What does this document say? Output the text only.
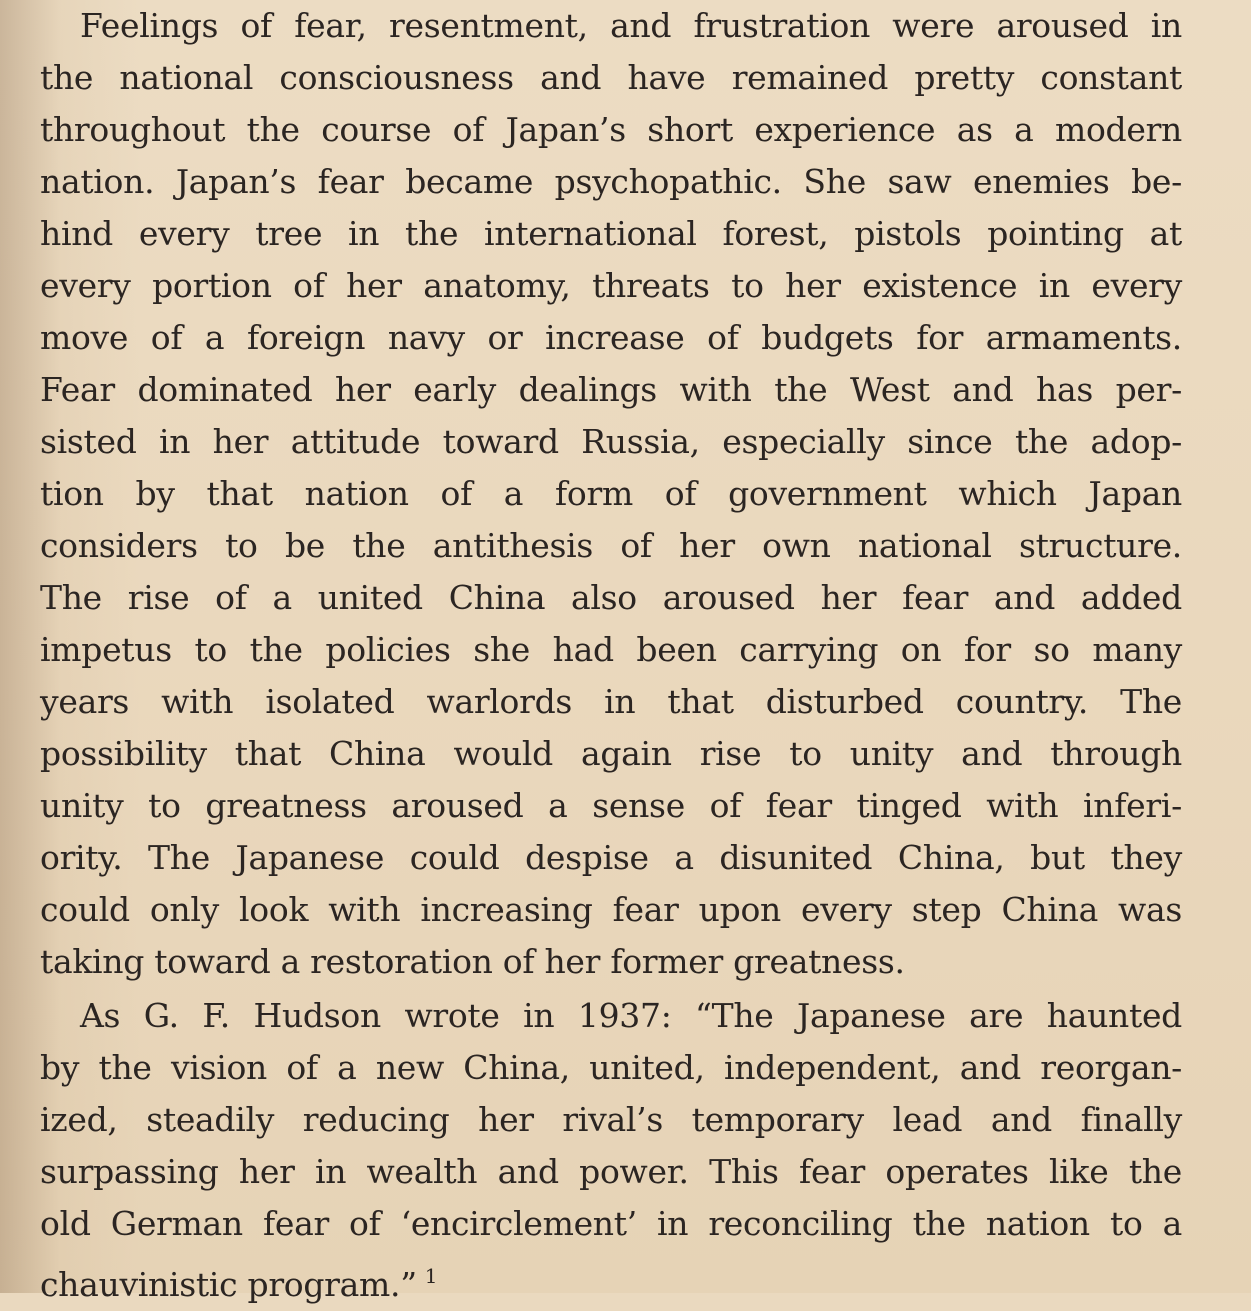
Feelings of fear, resentment, and frustration were aroused in
the national consciousness and have remained pretty constant
throughout the course of Japan’s short experience as a modern
nation. Japan’s fear became psychopathic. She saw enemies be-
hind every tree in the international forest, pistols pointing at
every portion of her anatomy, threats to her existence in every
move of a foreign navy or increase of budgets for armaments.
Fear dominated her early dealings with the West and has per-
sisted in her attitude toward Russia, especially since the adop-
tion by that nation of a form of government which Japan
considers to be the antithesis of her own national structure.
The rise of a united China also aroused her fear and added
impetus to the policies she had been carrying on for so many
years with isolated warlords in that disturbed country. The
possibility that China would again rise to unity and through
unity to greatness aroused a sense of fear tinged with inferi-
ority. The Japanese could despise a disunited China, but they
could only look with increasing fear upon every step China was
taking toward a restoration of her former greatness.
As G. F. Hudson wrote in 1937: “The Japanese are haunted
by the vision of a new China, united, independent, and reorgan-
ized, steadily reducing her rival’s temporary lead and finally
surpassing her in wealth and power. This fear operates like the
old German fear of ‘encirclement’ in reconciling the nation to a
chauvinistic program.” $^1$
